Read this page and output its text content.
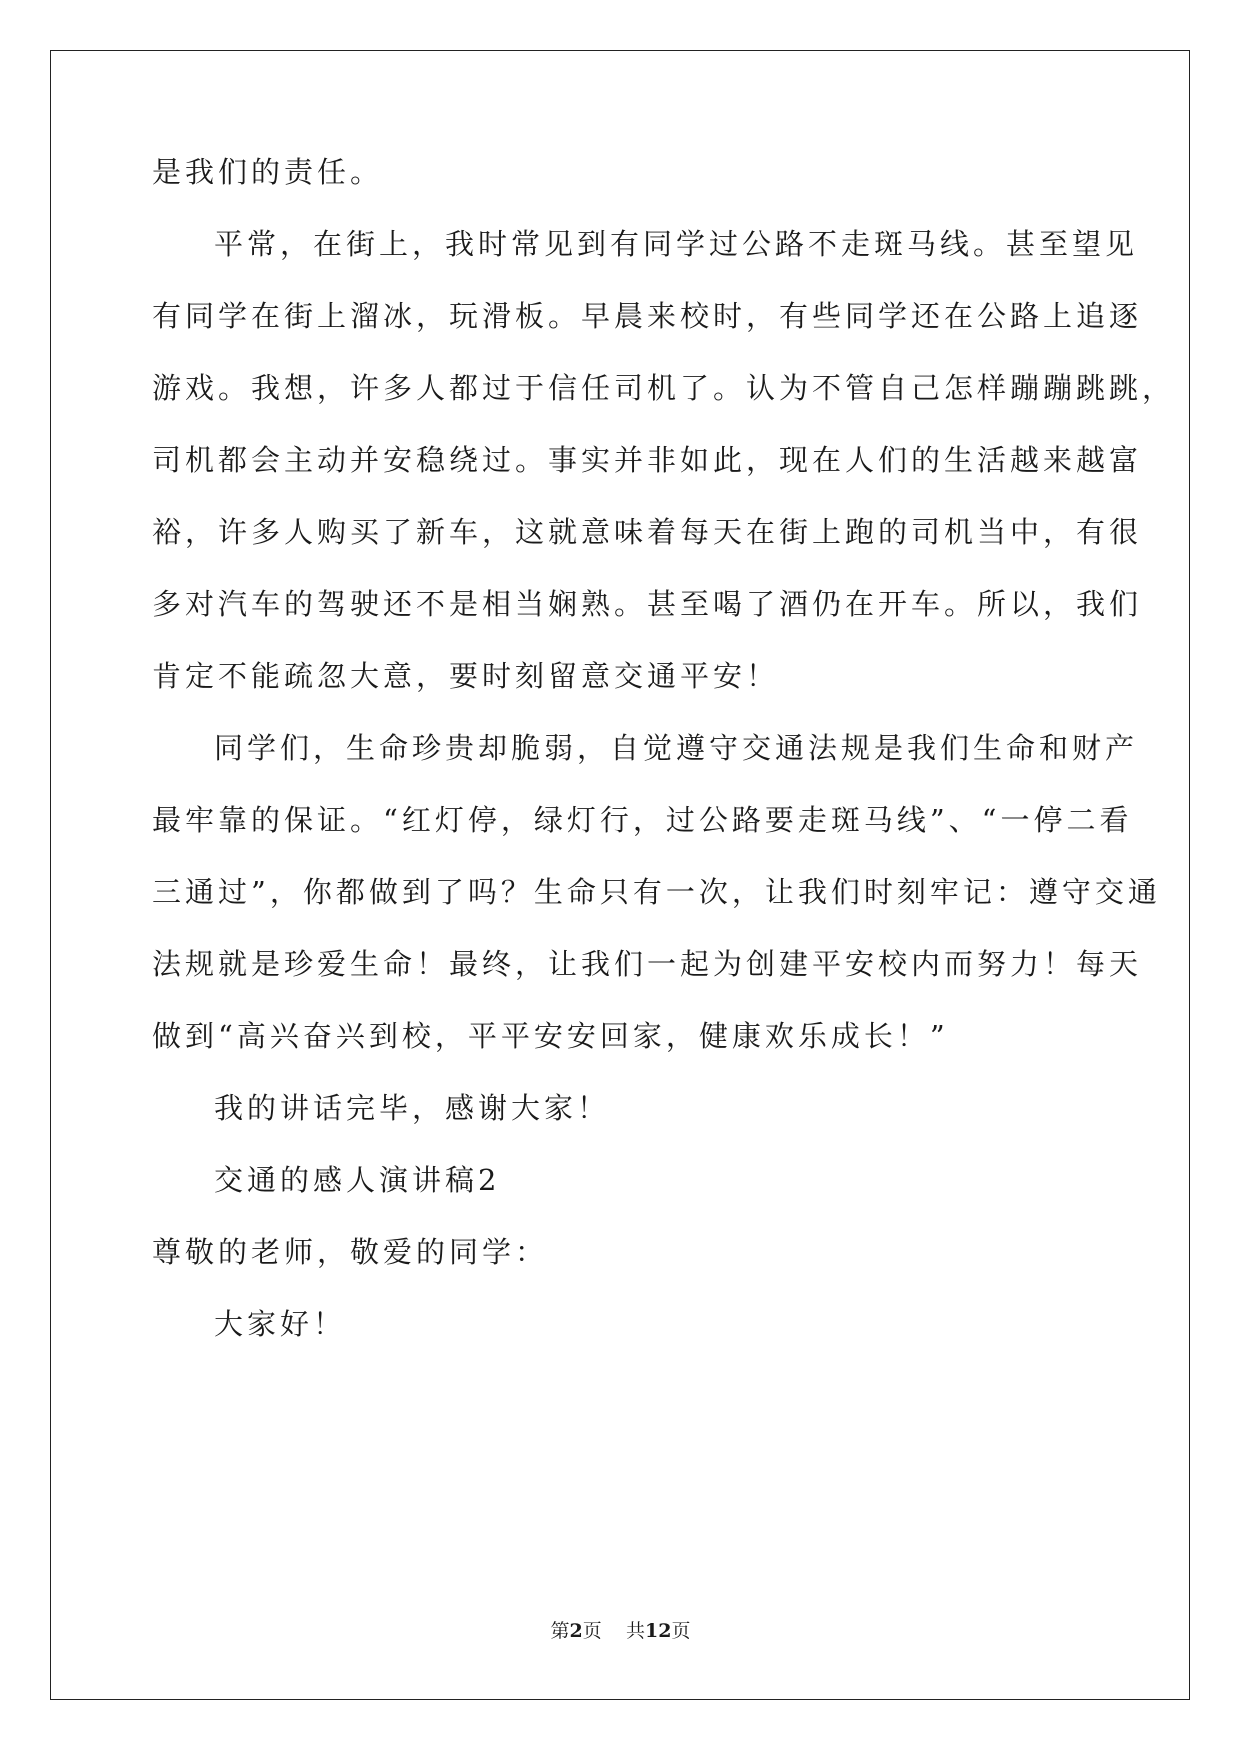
是我们的责任。

平常，在街上，我时常见到有同学过公路不走斑马线。甚至望见

有同学在街上溜冰，玩滑板。早晨来校时，有些同学还在公路上追逐

游戏。我想，许多人都过于信任司机了。认为不管自己怎样蹦蹦跳跳，

司机都会主动并安稳绕过。事实并非如此，现在人们的生活越来越富

裕，许多人购买了新车，这就意味着每天在街上跑的司机当中，有很

多对汽车的驾驶还不是相当娴熟。甚至喝了酒仍在开车。所以，我们

肯定不能疏忽大意，要时刻留意交通平安！

同学们，生命珍贵却脆弱，自觉遵守交通法规是我们生命和财产

最牢靠的保证。“红灯停，绿灯行，过公路要走斑马线”、“一停二看

三通过”，你都做到了吗？生命只有一次，让我们时刻牢记：遵守交通

法规就是珍爱生命！最终，让我们一起为创建平安校内而努力！每天

做到“高兴奋兴到校，平平安安回家，健康欢乐成长！”

我的讲话完毕，感谢大家！

交通的感人演讲稿2

尊敬的老师，敬爱的同学：

大家好！

第2页 共12页
